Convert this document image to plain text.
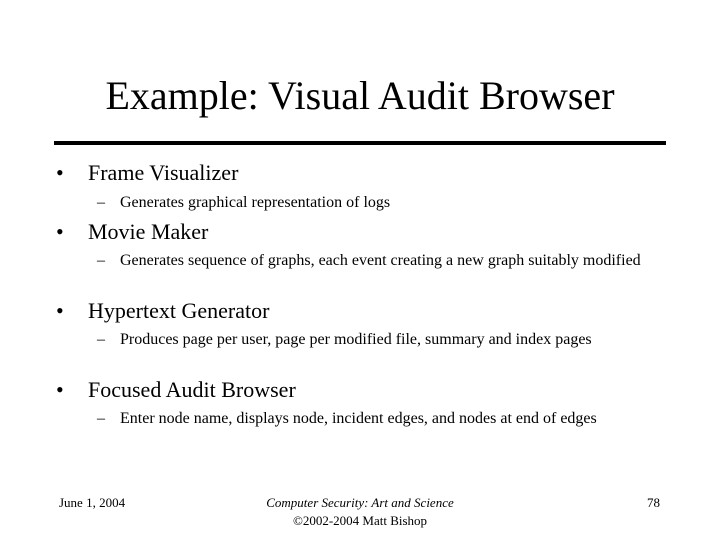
Example: Visual Audit Browser
• Frame Visualizer
– Generates graphical representation of logs
• Movie Maker
– Generates sequence of graphs, each event creating a new graph suitably modified
• Hypertext Generator
– Produces page per user, page per modified file, summary and index pages
• Focused Audit Browser
– Enter node name, displays node, incident edges, and nodes at end of edges
June 1, 2004	Computer Security: Art and Science
©2002-2004 Matt Bishop
78
